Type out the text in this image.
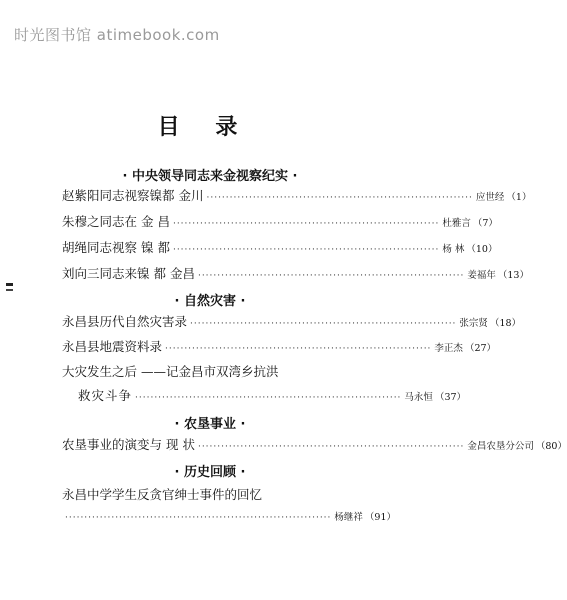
时光图书馆 atimebook.com
目 录
· 中央领导同志来金视察纪实 ·
赵紫阳同志视察镍都 金川 ····································································· 应世经 （1）
朱穆之同志在 金 昌 ····································································· 杜雅言 （7）
胡绳同志视察 镍 都 ····································································· 杨 林 （10）
刘向三同志来镍 都 金昌 ····································································· 姜福年 （13）
· 自然灾害 ·
永昌县历代自然灾害录 ····································································· 张宗贤 （18）
永昌县地震资料录 ····································································· 李正杰 （27）
大灾发生之后 ——记金昌市双湾乡抗洪
救灾斗争 ····································································· 马永恒 （37）
· 农垦事业 ·
农垦事业的演变与 现 状 ····································································· 金昌农垦分公司 （80）
· 历史回顾 ·
永昌中学学生反贪官绅士事件的回忆
····································································· 杨继祥 （91）
